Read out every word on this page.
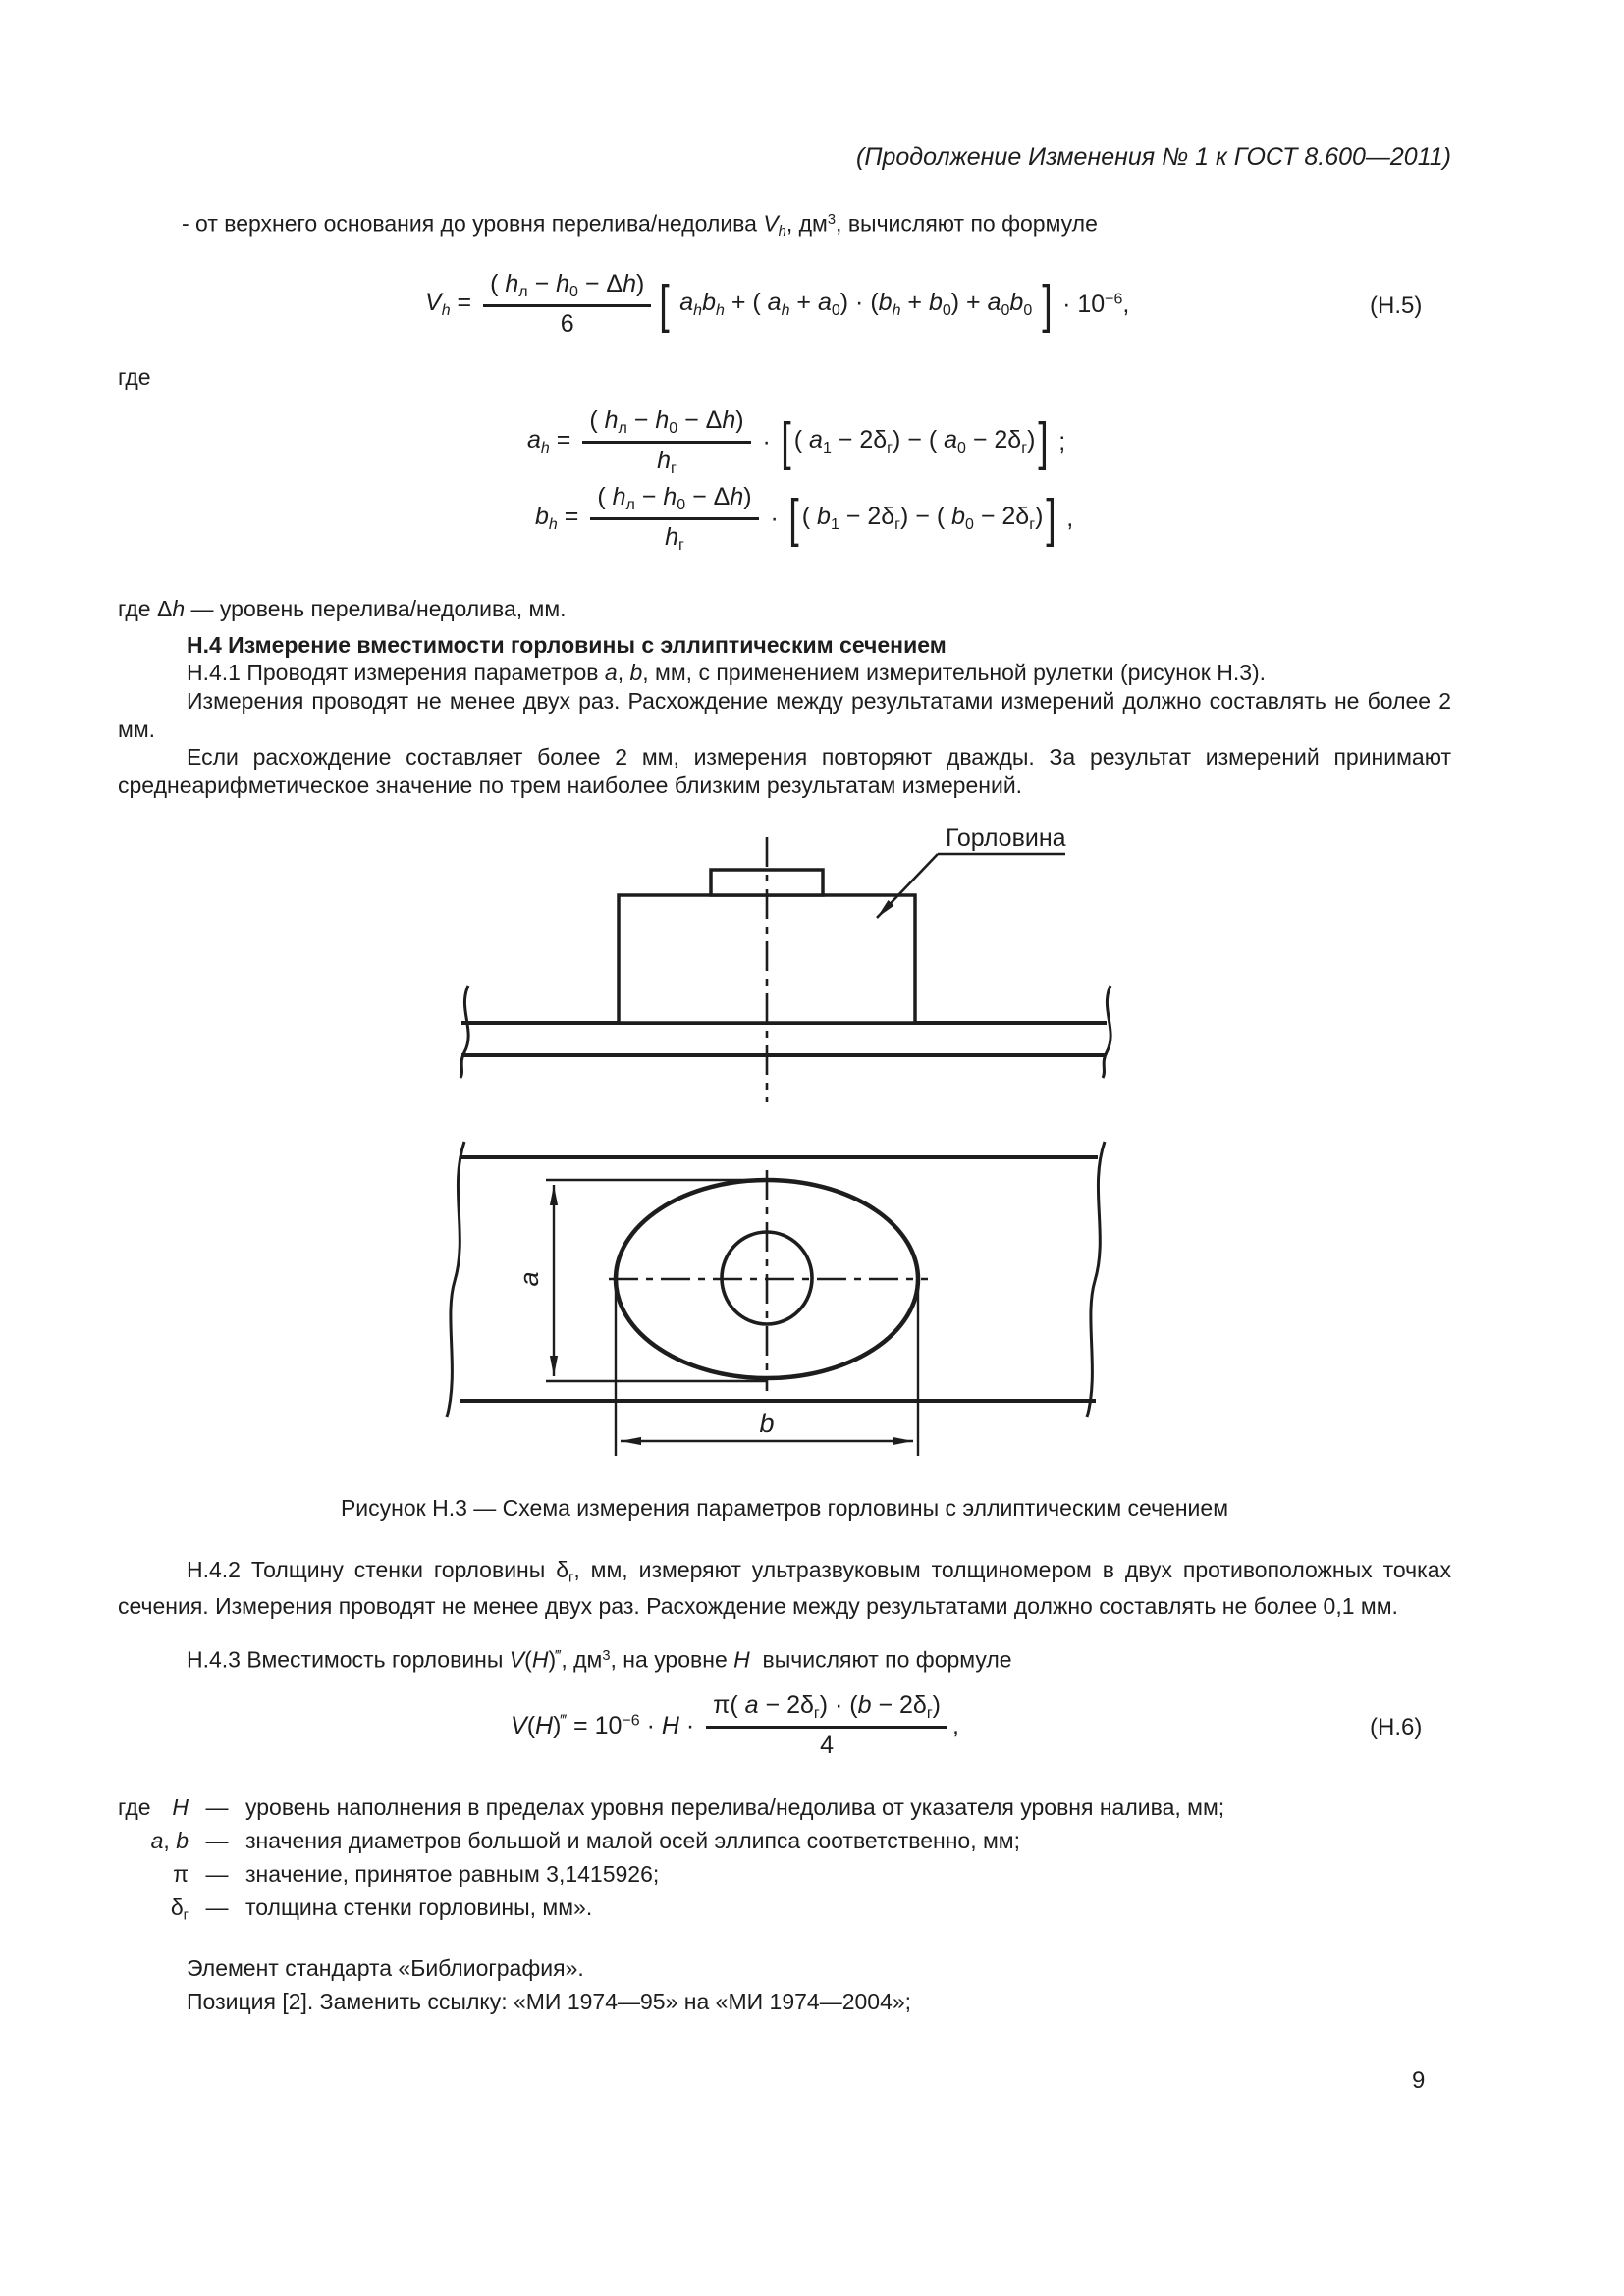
(Продолжение Изменения № 1 к ГОСТ 8.600—2011)
- от верхнего основания до уровня перелива/недолива $V_h$, $дм^3$, вычисляют по формуле
$V_h = \frac{( h_л - h_0 - \Delta h)}{6}$ [ $a_hb_h$ + ( $a_h + a_0) \cdot (b_h + b_0) + a_0b_0$ ] · $10^{-6}$,	(Н.5)
где
$a_h = \frac{( h_л - h_0 - \Delta h)}{h_г}$ · [ ( $a_1 - 2\delta_г$) − ( $a_0 - 2\delta_г$) ] ;
$b_h = \frac{( h_л - h_0 - \Delta h)}{h_г}$ · [ ( $b_1 - 2\delta_г$) − ( $b_0 - 2\delta_г$) ] ,
где Δh — уровень перелива/недолива, мм.
Н.4 Измерение вместимости горловины с эллиптическим сечением
Н.4.1 Проводят измерения параметров a, b, мм, с применением измерительной рулетки (рисунок Н.3).
Измерения проводят не менее двух раз. Расхождение между результатами измерений должно составлять не более 2 мм.
Если расхождение составляет более 2 мм, измерения повторяют дважды. За результат измерений принимают среднеарифметическое значение по трем наиболее близким результатам измерений.
Горловина
a
b
Рисунок Н.3 — Схема измерения параметров горловины с эллиптическим сечением
Н.4.2 Толщину стенки горловины $\delta_г$, мм, измеряют ультразвуковым толщиномером в двух противоположных точках сечения. Измерения проводят не менее двух раз. Расхождение между результатами должно составлять не более 0,1 мм.
Н.4.3 Вместимость горловины V(H)‴, $дм^3$, на уровне H  вычисляют по формуле
$V(H)^‴ = 10^{-6} \cdot H \cdot \frac{\pi( a - 2\delta_г) \cdot (b - 2\delta_г)}{4}$ ,	(Н.6)
где H — уровень наполнения в пределах уровня перелива/недолива от указателя уровня налива, мм;
a, b — значения диаметров большой и малой осей эллипса соответственно, мм;
π — значение, принятое равным 3,1415926;
$\delta_г$ — толщина стенки горловины, мм».
Элемент стандарта «Библиография».
Позиция [2]. Заменить ссылку: «МИ 1974—95» на «МИ 1974—2004»;
9
